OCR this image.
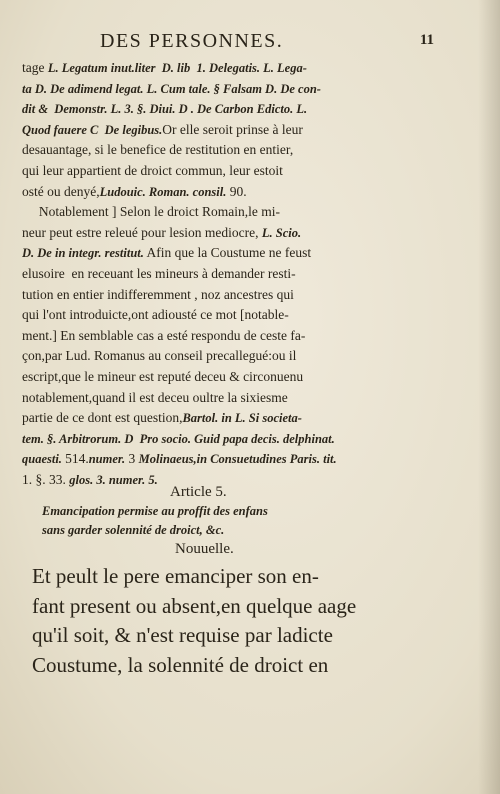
DES PERSONNES.	11
tage L. Legatum inut.liter  D. lib  1. Delegatis. L. Lega-
ta D. De adimend legat. L. Cum tale. § Falsam D. De con-
dit &  Demonstr. L. 3. §. Diui. D . De Carbon Edicto. L.
Quod fauere C  De legibus.Or elle seroit prinse à leur
desauantage, si le benefice de restitution en entier,
qui leur appartient de droict commun, leur estoit
osté ou denyé,Ludouic. Roman. consil. 90.
Notablement ] Selon le droict Romain,le mi-
neur peut estre releué pour lesion mediocre, L. Scio.
D. De in integr. restitut. Afin que la Coustume ne feust
elusoire  en receuant les mineurs à demander resti-
tution en entier indifferemment , noz ancestres qui
qui l'ont introduicte,ont adiousté ce mot [notable-
ment.] En semblable cas a esté respondu de ceste fa-
çon,par Lud. Romanus au conseil precallegué:ou il
escript,que le mineur est reputé deceu & circonuenu
notablement,quand il est deceu oultre la sixiesme
partie de ce dont est question,Bartol. in L. Si societa-
tem. §. Arbitrorum. D  Pro socio. Guid papa decis. delphinat.
quaesti. 514.numer. 3 Molinaeus,in Consuetudines Paris. tit.
1. §. 33. glos. 3. numer. 5.
Article 5.
Emancipation permise au proffit des enfans
sans garder solennité de droict, &c.
Nouuelle.
Et peult le pere emanciper son en-
fant present ou absent,en quelque aage
qu'il soit, & n'est requise par ladicte
Coustume, la solennité de droict en
